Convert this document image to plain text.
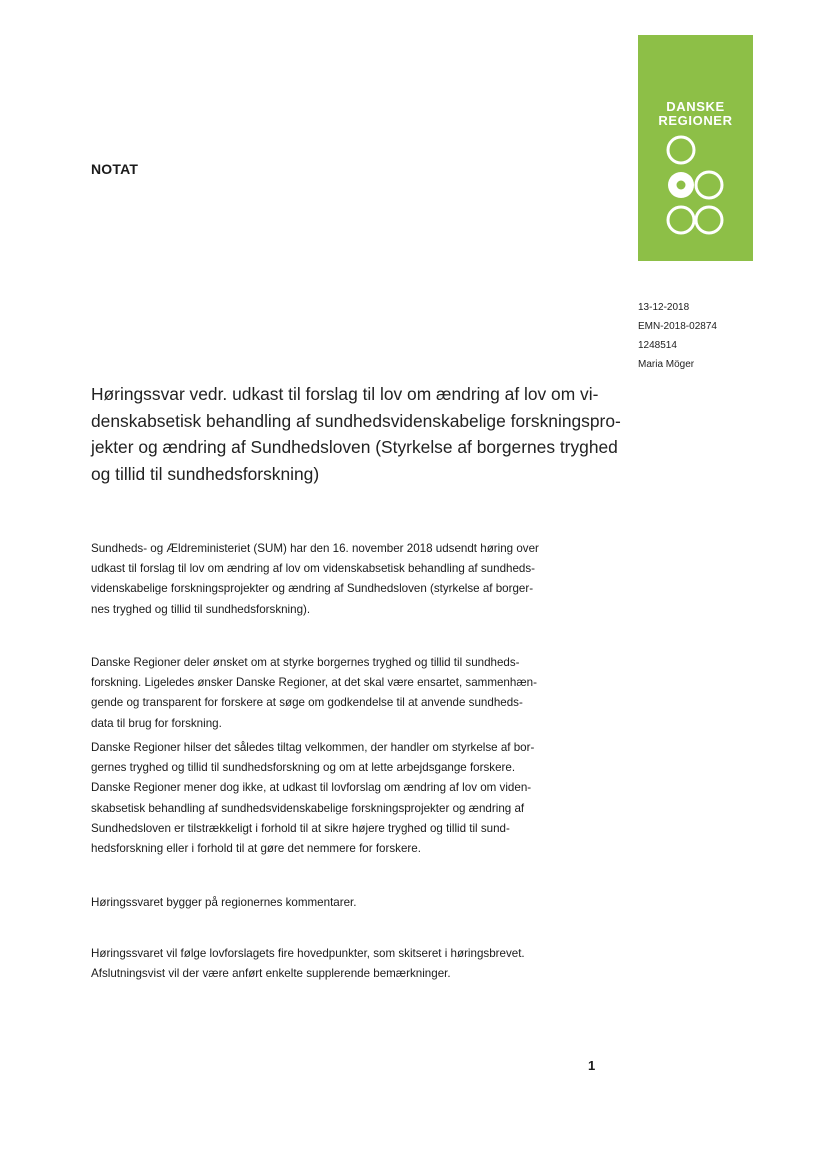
NOTAT
DANSKE
REGIONER
13-12-2018
EMN-2018-02874
1248514
Maria Möger
Høringssvar vedr. udkast til forslag til lov om ændring af lov om vi-
denskabsetisk behandling af sundhedsvidenskabelige forskningspro-
jekter og ændring af Sundhedsloven (Styrkelse af borgernes tryghed
og tillid til sundhedsforskning)
Sundheds- og Ældreministeriet (SUM) har den 16. november 2018 udsendt høring over
udkast til forslag til lov om ændring af lov om videnskabsetisk behandling af sundheds-
videnskabelige forskningsprojekter og ændring af Sundhedsloven (styrkelse af borger-
nes tryghed og tillid til sundhedsforskning).
Danske Regioner deler ønsket om at styrke borgernes tryghed og tillid til sundheds-
forskning. Ligeledes ønsker Danske Regioner, at det skal være ensartet, sammenhæn-
gende og transparent for forskere at søge om godkendelse til at anvende sundheds-
data til brug for forskning.
Danske Regioner hilser det således tiltag velkommen, der handler om styrkelse af bor-
gernes tryghed og tillid til sundhedsforskning og om at lette arbejdsgange forskere.
Danske Regioner mener dog ikke, at udkast til lovforslag om ændring af lov om viden-
skabsetisk behandling af sundhedsvidenskabelige forskningsprojekter og ændring af
Sundhedsloven er tilstrækkeligt i forhold til at sikre højere tryghed og tillid til sund-
hedsforskning eller i forhold til at gøre det nemmere for forskere.
Høringssvaret bygger på regionernes kommentarer.
Høringssvaret vil følge lovforslagets fire hovedpunkter, som skitseret i høringsbrevet.
Afslutningsvist vil der være anført enkelte supplerende bemærkninger.
1
